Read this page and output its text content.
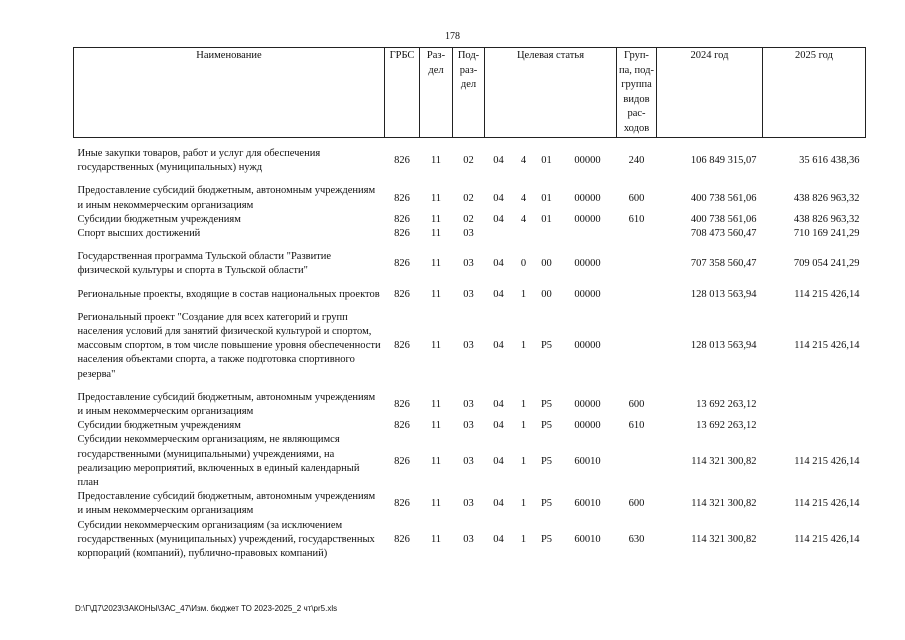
178
Наименование	ГРБС	Раз- дел	Под- раз- дел	Целевая статья				Груп- па, под- группа видов рас- ходов	2024 год	2025 год

Иные закупки товаров, работ и услуг для обеспечения государственных (муниципальных) нужд	826	11	02	04	4	01	00000	240	106 849 315,07	35 616 438,36

Предоставление субсидий бюджетным, автономным учреждениям и иным некоммерческим организациям	826	11	02	04	4	01	00000	600	400 738 561,06	438 826 963,32
Субсидии бюджетным учреждениям	826	11	02	04	4	01	00000	610	400 738 561,06	438 826 963,32
Спорт высших достижений	826	11	03						708 473 560,47	710 169 241,29

Государственная программа Тульской области "Развитие физической культуры и спорта в Тульской области"	826	11	03	04	0	00	00000		707 358 560,47	709 054 241,29

Региональные проекты, входящие в состав национальных проектов	826	11	03	04	1	00	00000		128 013 563,94	114 215 426,14

Региональный проект "Создание для всех категорий и групп населения условий для занятий физической культурой и спортом, массовым спортом, в том числе повышение уровня обеспеченности населения объектами спорта, а также подготовка спортивного резерва"	826	11	03	04	1	Р5	00000		128 013 563,94	114 215 426,14

Предоставление субсидий бюджетным, автономным учреждениям и иным некоммерческим организациям	826	11	03	04	1	Р5	00000	600	13 692 263,12	
Субсидии бюджетным учреждениям	826	11	03	04	1	Р5	00000	610	13 692 263,12	
Субсидии некоммерческим организациям, не являющимся государственными (муниципальными) учреждениями, на реализацию мероприятий, включенных в единый календарный план	826	11	03	04	1	Р5	60010		114 321 300,82	114 215 426,14
Предоставление субсидий бюджетным, автономным учреждениям и иным некоммерческим организациям	826	11	03	04	1	Р5	60010	600	114 321 300,82	114 215 426,14
Субсидии некоммерческим организациям (за исключением государственных (муниципальных) учреждений, государственных корпораций (компаний), публично-правовых компаний)	826	11	03	04	1	Р5	60010	630	114 321 300,82	114 215 426,14
D:\Г\Д7\2023\ЗАКОНЫ\ЗАС_47\Изм. бюджет ТО 2023-2025_2 чт\pr5.xls
